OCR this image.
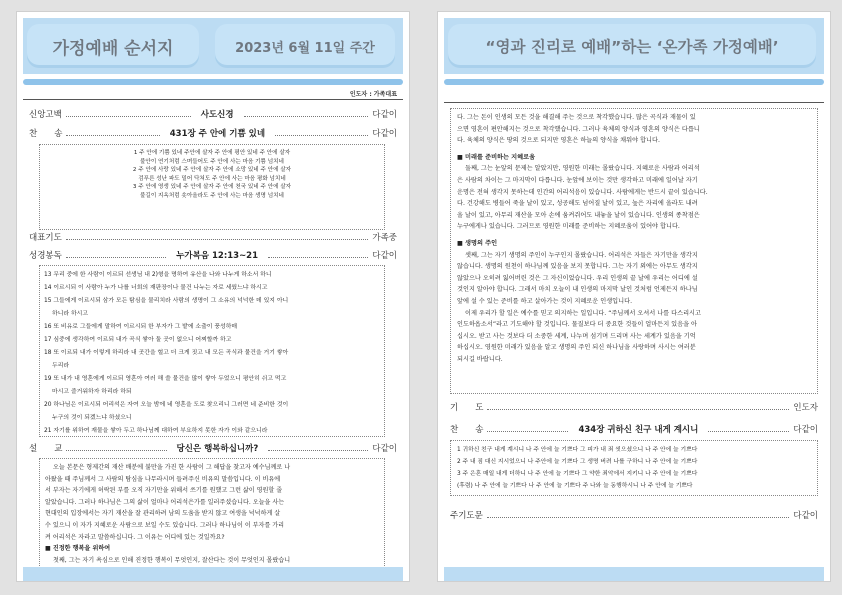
가정예배 순서지	2023년 6월 11일 주간
인도자 : 가족대표
신앙고백	사도신경	다같이
찬　　송	431장 주 안에 기쁨 있네	다같이

1 주 안에 기쁨 있네 주안에 살자 주 안에 평안 있네 주 안에 살자

불안이 연기처럼 스며들어도 주 안에 사는 마음 기쁨 넘치네

2 주 안에 사랑 있네 주 안에 살자 주 안에 소망 있네 주 안에 살자

검푸른 성난 파도 밀어 닥쳐도 주 안에 사는 마음 평화 넘치네

3 주 안에 영생 있네 주 안에 살자 주 안에 천국 있네 주 안에 살자

불길이 지옥처럼 솟아올라도 주 안에 사는 마음 생명 넘치네

대표기도	가족중
성경봉독	누가복음 12:13~21	다같이

13 무리 중에 한 사람이 이르되 선생님 내 2)형을 명하여 유산을 나와 나누게 하소서 하니

14 이르시되 이 사람아 누가 나를 너희의 재판장이나 물건 나누는 자로 세웠느냐 하시고

15 그들에게 이르시되 삼가 모든 탐심을 물리치라 사람의 생명이 그 소유의 넉넉한 데 있지 아니

하니라 하시고

16 또 비유로 그들에게 말하여 이르시되 한 부자가 그 밭에 소출이 풍성하매

17 심중에 생각하여 이르되 내가 곡식 쌓아 둘 곳이 없으니 어찌할까 하고

18 또 이르되 내가 이렇게 하리라 내 곳간을 헐고 더 크게 짓고 내 모든 곡식과 물건을 거기 쌓아

두리라

19 또 내가 내 영혼에게 이르되 영혼아 여러 해 쓸 물건을 많이 쌓아 두었으니 평안히 쉬고 먹고

마시고 즐거워하자 하리라 하되

20 하나님은 이르시되 어리석은 자여 오늘 밤에 네 영혼을 도로 찾으리니 그러면 네 준비한 것이

누구의 것이 되겠느냐 하셨으니

21 자기를 위하여 재물을 쌓아 두고 하나님께 대하여 부요하지 못한 자가 이와 같으니라

설　　교	당신은 행복하십니까?	다같이

오늘 본문은 형제간의 재산 배분에 불만을 가진 한 사람이 그 해답을 찾고자 예수님께로 나

아왔을 때 주님께서 그 사람의 탐심을 나무라시며 들려주신 비유의 말씀입니다. 이 비유에

서 부자는 자기에게 허락된 부를 오직 자기만을 위해서 쓰기를 원했고 그런 삶이 영원할 줄

알았습니다. 그러나 하나님은 그의 삶이 얼마나 어리석은가를 일러주셨습니다. 오늘을 사는

현대인의 입장에서는 자기 재산을 잘 관리하려 남의 도움을 받지 않고 여생을 넉넉하게 살

수 있으니 이 자가 지혜로운 사람으로 보일 수도 있습니다. 그러나 하나님이 이 부자를 가리

켜 어리석은 자라고 말씀하십니다. 그 이유는 어디에 있는 것일까요?

■ 진정한 행복을 위하여

첫째, 그는 자기 욕심으로 인해 진정한 행복이 무엇인지, 잘산다는 것이 무엇인지 몰랐습니

“영과 진리로 예배”하는 ‘온가족 가정예배’

다. 그는 돈이 인생의 모든 것을 해결해 주는 것으로 착각했습니다. 많은 곡식과 재물이 있

으면 영혼이 편안해지는 것으로 착각했습니다. 그러나 육체의 양식과 영혼의 양식은 다릅니

다. 육체의 양식은 땅의 것으로 되지만 영혼은 하늘의 양식을 채워야 합니다.

■ 미래를 준비하는 지혜로움

둘째, 그는 눈앞의 문제는 알았지만, 영원한 미래는 몰랐습니다. 지혜로운 사람과 어리석

은 사람의 차이는 그 마지막이 다릅니다. 눈앞에 보이는 것만 생각하고 미래에 일어날 자기

운명은 전혀 생각지 못하는데 인간의 어리석음이 있습니다. 사람에게는 반드시 끝이 있습니다.

다. 건강해도 병들어 죽을 날이 있고, 성공해도 넘어질 날이 있고, 높은 자리에 올라도 내려

올 날이 있고, 아무리 재산을 모아 손에 움켜쥐어도 내놓을 날이 있습니다. 인생의 종착점은

누구에게나 있습니다. 그러므로 영원한 미래를 준비하는 지혜로움이 있어야 합니다.

■ 생명의 주인

셋째, 그는 자기 생명의 주인이 누구인지 몰랐습니다. 어리석은 자들은 자기만을 생각지

않습니다. 생명의 원천이 하나님께 있음을 보지 못합니다. 그는 자기 외에는 아무도 생각지

않았으나 오히려 잃어버린 것은 그 자신이었습니다. 우리 인생의 끝 날에 우리는 어디에 설

것인지 알아야 합니다. 그래서 마치 오늘이 내 인생의 마지막 날인 것처럼 언제든지 하나님

앞에 설 수 있는 준비를 하고 살아가는 것이 지혜로운 인생입니다.

이제 우리가 할 일은 예수를 믿고 의지하는 일입니다. “주님께서 오셔서 나를 다스리시고

인도하옵소서”라고 기도해야 할 것입니다. 물질보다 더 중요한 것들이 얼마든지 있음을 아

십시오. 받고 사는 것보다 더 소중한 세계, 나누며 섬기며 드리며 사는 세계가 있음을 기억

하십시오. 영원한 미래가 있음을 알고 생명의 주인 되신 하나님을 사랑하며 사시는 여러분

되시길 바랍니다.

기　　도	인도자
찬　　송	434장 귀하신 친구 내게 계시니	다같이

1 귀하신 친구 내게 계시니 나 주 안에 늘 기쁘다 그 피가 내 죄 씻으셨으니 나 주 안에 늘 기쁘다

2 주 내 짐 대신 지시었으니 나 주안에 늘 기쁘다 그 생명 버려 나를 구하니 나 주 안에 늘 기쁘다

3 주 은혼 매일 내게 더하니 나 주 안에 늘 기쁘다 그 약한 죄악에서 지키니 나 주 안에 늘 기쁘다

(후렴) 나 주 안에 늘 기쁘다 나 주 안에 늘 기쁘다 주 나와 늘 동행하시니 나 주 안에 늘 기쁘다

주기도문	다같이
